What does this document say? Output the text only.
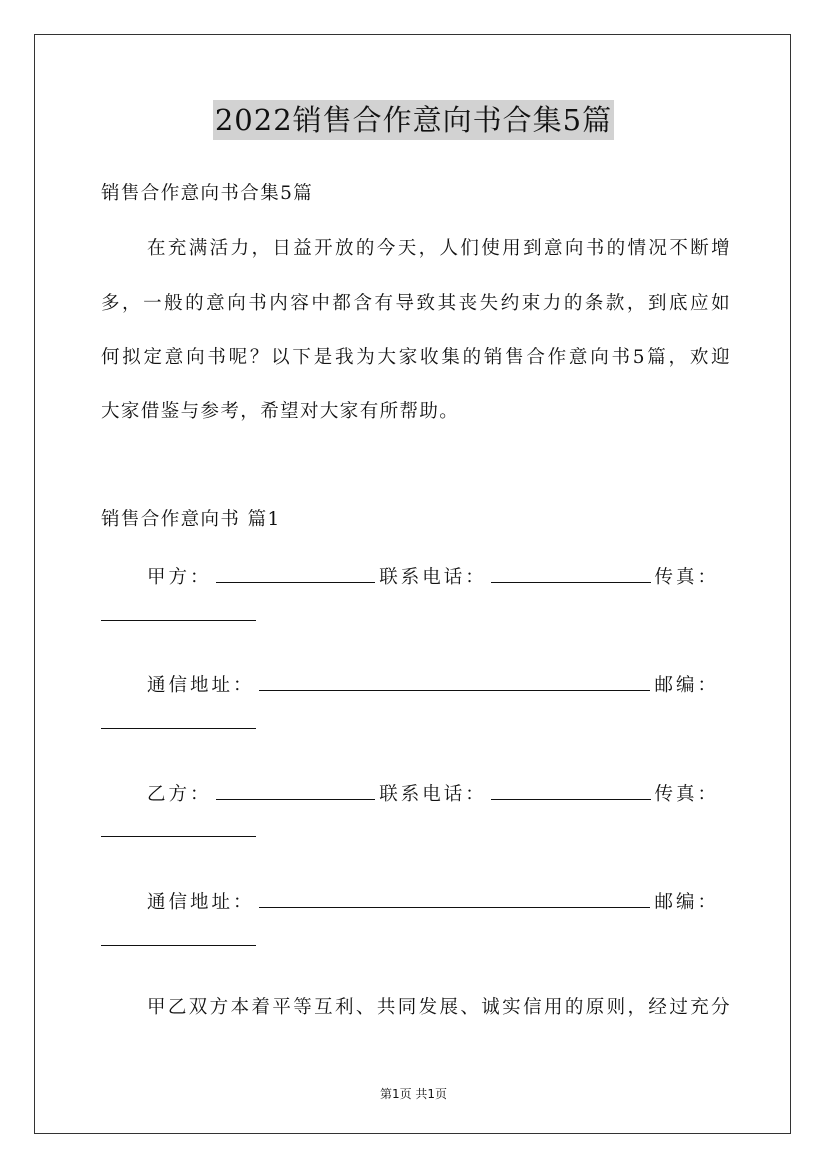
2022销售合作意向书合集5篇
销售合作意向书合集5篇
在充满活力，日益开放的今天，人们使用到意向书的情况不断增
多，一般的意向书内容中都含有导致其丧失约束力的条款，到底应如
何拟定意向书呢？以下是我为大家收集的销售合作意向书5篇，欢迎
大家借鉴与参考，希望对大家有所帮助。
销售合作意向书 篇1
甲方：	联系电话：	传真：
通信地址：	邮编：
乙方：	联系电话：	传真：
通信地址：	邮编：
甲乙双方本着平等互利、共同发展、诚实信用的原则，经过充分
第1页 共1页
